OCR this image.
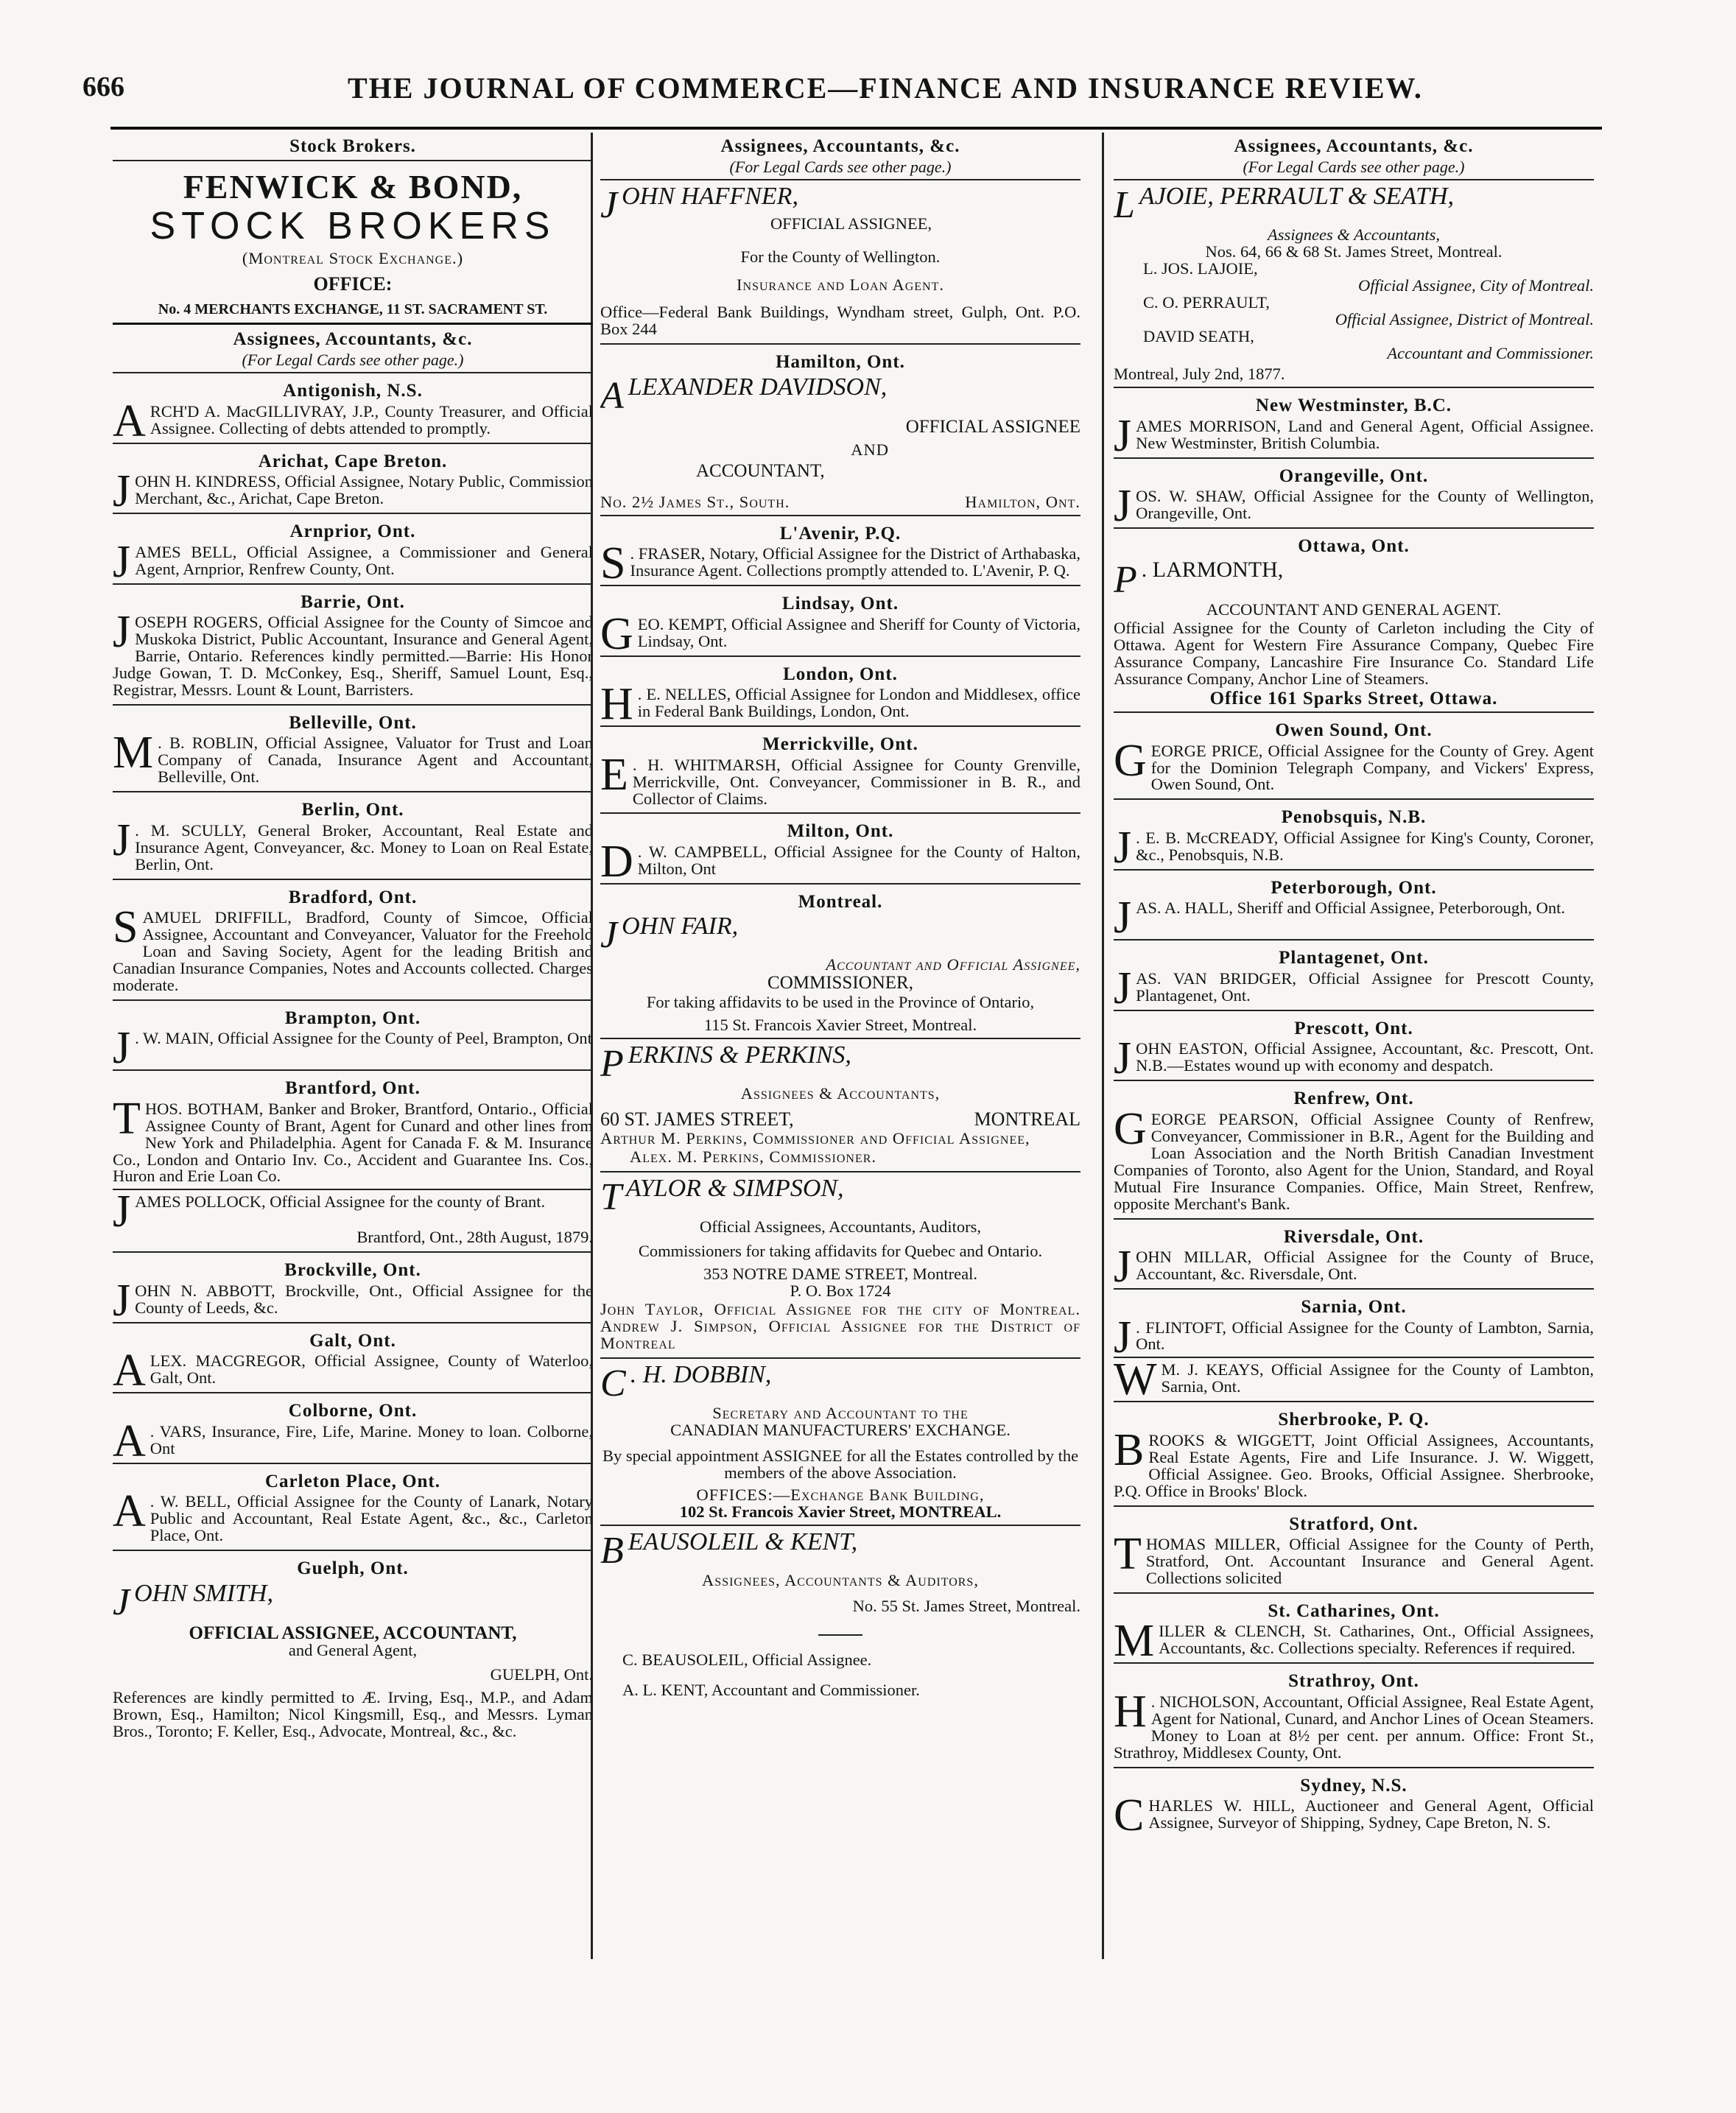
666	THE JOURNAL OF COMMERCE—FINANCE AND INSURANCE REVIEW.
Stock Brokers.
FENWICK & BOND,
STOCK BROKERS
(Montreal Stock Exchange.)
OFFICE:
No. 4 MERCHANTS EXCHANGE, 11 ST. SACRAMENT ST.
Assignees, Accountants, &c.
(For Legal Cards see other page.)
Antigonish, N.S.

ARCH'D A. MacGILLIVRAY, J.P., County Treasurer, and Official Assignee. Collecting of debts attended to promptly.

Arichat, Cape Breton.

JOHN H. KINDRESS, Official Assignee, Notary Public, Commission Merchant, &c., Arichat, Cape Breton.

Arnprior, Ont.

JAMES BELL, Official Assignee, a Commissioner and General Agent, Arnprior, Renfrew County, Ont.

Barrie, Ont.

JOSEPH ROGERS, Official Assignee for the County of Simcoe and Muskoka District, Public Accountant, Insurance and General Agent, Barrie, Ontario. References kindly permitted.—Barrie: His Honor Judge Gowan, T. D. McConkey, Esq., Sheriff, Samuel Lount, Esq., Registrar, Messrs. Lount & Lount, Barristers.

Belleville, Ont.

M . B. ROBLIN, Official Assignee, Valuator for Trust and Loan Company of Canada, Insurance Agent and Accountant, Belleville, Ont.

Berlin, Ont.

J . M. SCULLY, General Broker, Accountant, Real Estate and Insurance Agent, Conveyancer, &c. Money to Loan on Real Estate, Berlin, Ont.

Bradford, Ont.

SAMUEL DRIFFILL, Bradford, County of Simcoe, Official Assignee, Accountant and Conveyancer, Valuator for the Freehold Loan and Saving Society, Agent for the leading British and Canadian Insurance Companies, Notes and Accounts collected. Charges moderate.

Brampton, Ont.

J . W. MAIN, Official Assignee for the County of Peel, Brampton, Ont

Brantford, Ont.

THOS. BOTHAM, Banker and Broker, Brantford, Ontario., Official Assignee County of Brant, Agent for Cunard and other lines from New York and Philadelphia. Agent for Canada F. & M. Insurance Co., London and Ontario Inv. Co., Accident and Guarantee Ins. Cos., Huron and Erie Loan Co.

JAMES POLLOCK, Official Assignee for the county of Brant.

Brantford, Ont., 28th August, 1879.

Brockville, Ont.

JOHN N. ABBOTT, Brockville, Ont., Official Assignee for the County of Leeds, &c.

Galt, Ont.

ALEX. MACGREGOR, Official Assignee, County of Waterloo, Galt, Ont.

Colborne, Ont.

A . VARS, Insurance, Fire, Life, Marine. Money to loan. Colborne, Ont

Carleton Place, Ont.

A . W. BELL, Official Assignee for the County of Lanark, Notary Public and Accountant, Real Estate Agent, &c., &c., Carleton Place, Ont.

Guelph, Ont.
JOHN SMITH,
OFFICIAL ASSIGNEE, ACCOUNTANT,
and General Agent,
GUELPH, Ont.

References are kindly permitted to Æ. Irving, Esq., M.P., and Adam Brown, Esq., Hamilton; Nicol Kingsmill, Esq., and Messrs. Lyman Bros., Toronto; F. Keller, Esq., Advocate, Montreal, &c., &c.

Assignees, Accountants, &c.
(For Legal Cards see other page.)
JOHN HAFFNER,
OFFICIAL ASSIGNEE,
For the County of Wellington.
Insurance and Loan Agent.

Office—Federal Bank Buildings, Wyndham street, Gulph, Ont. P.O. Box 244

Hamilton, Ont.
ALEXANDER DAVIDSON,
OFFICIAL ASSIGNEE
AND
ACCOUNTANT,
No. 2½ James St., South.	Hamilton, Ont.
L'Avenir, P.Q.

S . FRASER, Notary, Official Assignee for the District of Arthabaska, Insurance Agent. Collections promptly attended to. L'Avenir, P. Q.

Lindsay, Ont.

GEO. KEMPT, Official Assignee and Sheriff for County of Victoria, Lindsay, Ont.

London, Ont.

H . E. NELLES, Official Assignee for London and Middlesex, office in Federal Bank Buildings, London, Ont.

Merrickville, Ont.

E . H. WHITMARSH, Official Assignee for County Grenville, Merrickville, Ont. Conveyancer, Commissioner in B. R., and Collector of Claims.

Milton, Ont.

D . W. CAMPBELL, Official Assignee for the County of Halton, Milton, Ont

Montreal.
JOHN FAIR,
Accountant and Official Assignee,
COMMISSIONER,

For taking affidavits to be used in the Province of Ontario,

115 St. Francois Xavier Street, Montreal.
PERKINS & PERKINS,
Assignees & Accountants,
60 ST. JAMES STREET,	MONTREAL

Arthur M. Perkins, Commissioner and Official Assignee,

Alex. M. Perkins, Commissioner.

TAYLOR & SIMPSON,
Official Assignees, Accountants, Auditors,

Commissioners for taking affidavits for Quebec and Ontario.

353 NOTRE DAME STREET, Montreal.
P. O. Box 1724

John Taylor, Official Assignee for the city of Montreal. Andrew J. Simpson, Official Assignee for the District of Montreal

C . H. DOBBIN,
Secretary and Accountant to the
CANADIAN MANUFACTURERS' EXCHANGE.

By special appointment ASSIGNEE for all the Estates controlled by the members of the above Association.

OFFICES:—Exchange Bank Building,
102 St. Francois Xavier Street, MONTREAL.
BEAUSOLEIL & KENT,
Assignees, Accountants & Auditors,
No. 55 St. James Street, Montreal.
C. BEAUSOLEIL, Official Assignee.
A. L. KENT, Accountant and Commissioner.
Assignees, Accountants, &c.
(For Legal Cards see other page.)
LAJOIE, PERRAULT & SEATH,
Assignees & Accountants,
Nos. 64, 66 & 68 St. James Street, Montreal.
L. JOS. LAJOIE,
Official Assignee, City of Montreal.
C. O. PERRAULT,
Official Assignee, District of Montreal.
DAVID SEATH,
Accountant and Commissioner.
Montreal, July 2nd, 1877.
New Westminster, B.C.

JAMES MORRISON, Land and General Agent, Official Assignee. New Westminster, British Columbia.

Orangeville, Ont.

JOS. W. SHAW, Official Assignee for the County of Wellington, Orangeville, Ont.

Ottawa, Ont.
P . LARMONTH,
ACCOUNTANT AND GENERAL AGENT.

Official Assignee for the County of Carleton including the City of Ottawa. Agent for Western Fire Assurance Company, Quebec Fire Assurance Company, Lancashire Fire Insurance Co. Standard Life Assurance Company, Anchor Line of Steamers.

Office 161 Sparks Street, Ottawa.
Owen Sound, Ont.

GEORGE PRICE, Official Assignee for the County of Grey. Agent for the Dominion Telegraph Company, and Vickers' Express, Owen Sound, Ont.

Penobsquis, N.B.

J . E. B. McCREADY, Official Assignee for King's County, Coroner, &c., Penobsquis, N.B.

Peterborough, Ont.

JAS. A. HALL, Sheriff and Official Assignee, Peterborough, Ont.

Plantagenet, Ont.

JAS. VAN BRIDGER, Official Assignee for Prescott County, Plantagenet, Ont.

Prescott, Ont.

JOHN EASTON, Official Assignee, Accountant, &c. Prescott, Ont. N.B.—Estates wound up with economy and despatch.

Renfrew, Ont.

GEORGE PEARSON, Official Assignee County of Renfrew, Conveyancer, Commissioner in B.R., Agent for the Building and Loan Association and the North British Canadian Investment Companies of Toronto, also Agent for the Union, Standard, and Royal Mutual Fire Insurance Companies. Office, Main Street, Renfrew, opposite Merchant's Bank.

Riversdale, Ont.

JOHN MILLAR, Official Assignee for the County of Bruce, Accountant, &c. Riversdale, Ont.

Sarnia, Ont.

J . FLINTOFT, Official Assignee for the County of Lambton, Sarnia, Ont.

W M. J. KEAYS, Official Assignee for the County of Lambton, Sarnia, Ont.

Sherbrooke, P. Q.

BROOKS & WIGGETT, Joint Official Assignees, Accountants, Real Estate Agents, Fire and Life Insurance. J. W. Wiggett, Official Assignee. Geo. Brooks, Official Assignee. Sherbrooke, P.Q. Office in Brooks' Block.

Stratford, Ont.

THOMAS MILLER, Official Assignee for the County of Perth, Stratford, Ont. Accountant Insurance and General Agent. Collections solicited

St. Catharines, Ont.

MILLER & CLENCH, St. Catharines, Ont., Official Assignees, Accountants, &c. Collections specialty. References if required.

Strathroy, Ont.

H . NICHOLSON, Accountant, Official Assignee, Real Estate Agent, Agent for National, Cunard, and Anchor Lines of Ocean Steamers. Money to Loan at 8½ per cent. per annum. Office: Front St., Strathroy, Middlesex County, Ont.

Sydney, N.S.

CHARLES W. HILL, Auctioneer and General Agent, Official Assignee, Surveyor of Shipping, Sydney, Cape Breton, N. S.
